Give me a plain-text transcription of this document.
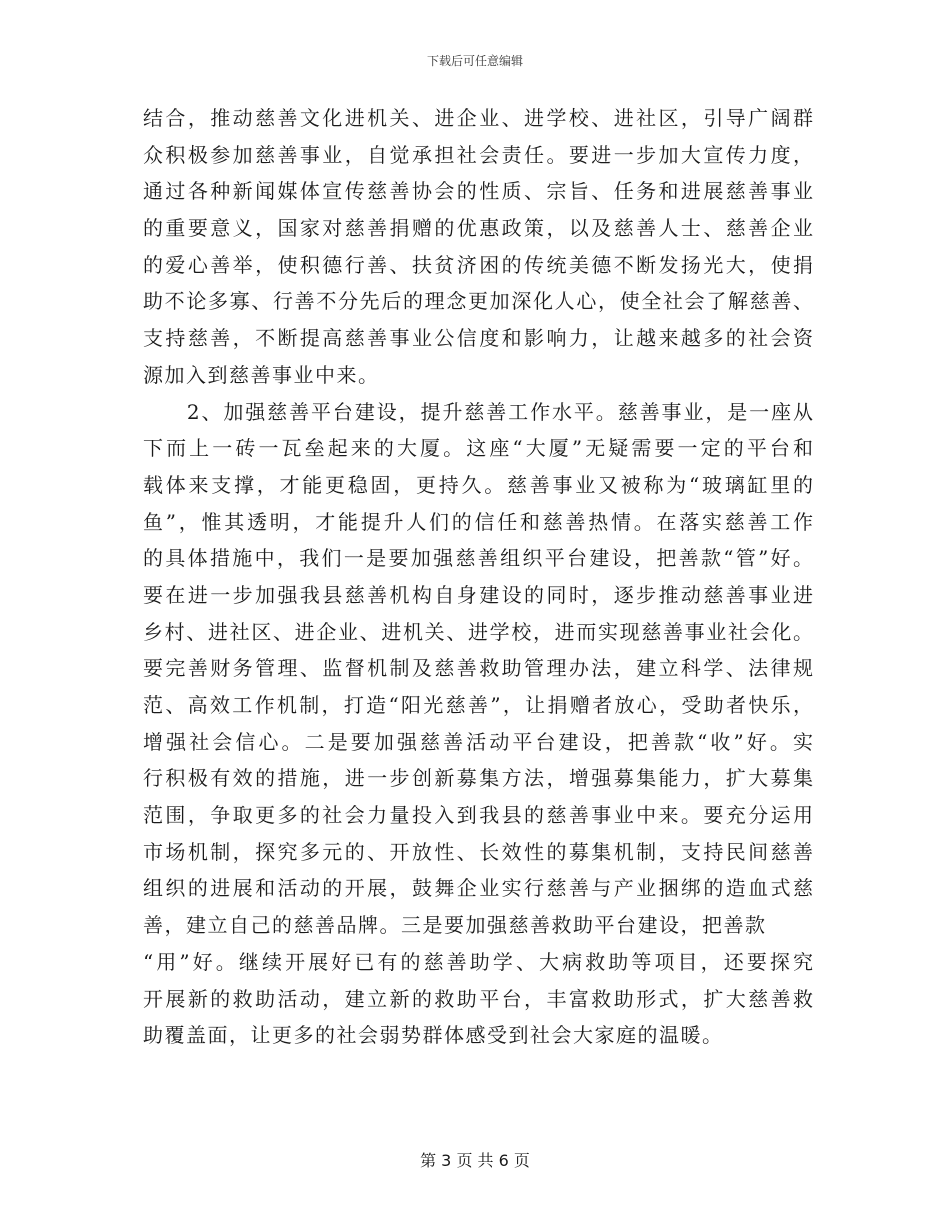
下载后可任意编辑
结合，推动慈善文化进机关、进企业、进学校、进社区，引导广阔群
众积极参加慈善事业，自觉承担社会责任。要进一步加大宣传力度，
通过各种新闻媒体宣传慈善协会的性质、宗旨、任务和进展慈善事业
的重要意义，国家对慈善捐赠的优惠政策，以及慈善人士、慈善企业
的爱心善举，使积德行善、扶贫济困的传统美德不断发扬光大，使捐
助不论多寡、行善不分先后的理念更加深化人心，使全社会了解慈善、
支持慈善，不断提高慈善事业公信度和影响力，让越来越多的社会资
源加入到慈善事业中来。
　　2、加强慈善平台建设，提升慈善工作水平。慈善事业，是一座从
下而上一砖一瓦垒起来的大厦。这座“大厦”无疑需要一定的平台和
载体来支撑，才能更稳固，更持久。慈善事业又被称为“玻璃缸里的
鱼”，惟其透明，才能提升人们的信任和慈善热情。在落实慈善工作
的具体措施中，我们一是要加强慈善组织平台建设，把善款“管”好。
要在进一步加强我县慈善机构自身建设的同时，逐步推动慈善事业进
乡村、进社区、进企业、进机关、进学校，进而实现慈善事业社会化。
要完善财务管理、监督机制及慈善救助管理办法，建立科学、法律规
范、高效工作机制，打造“阳光慈善”，让捐赠者放心，受助者快乐，
增强社会信心。二是要加强慈善活动平台建设，把善款“收”好。实
行积极有效的措施，进一步创新募集方法，增强募集能力，扩大募集
范围，争取更多的社会力量投入到我县的慈善事业中来。要充分运用
市场机制，探究多元的、开放性、长效性的募集机制，支持民间慈善
组织的进展和活动的开展，鼓舞企业实行慈善与产业捆绑的造血式慈
善，建立自己的慈善品牌。三是要加强慈善救助平台建设，把善款
“用”好。继续开展好已有的慈善助学、大病救助等项目，还要探究
开展新的救助活动，建立新的救助平台，丰富救助形式，扩大慈善救
助覆盖面，让更多的社会弱势群体感受到社会大家庭的温暖。
第 3 页 共 6 页
